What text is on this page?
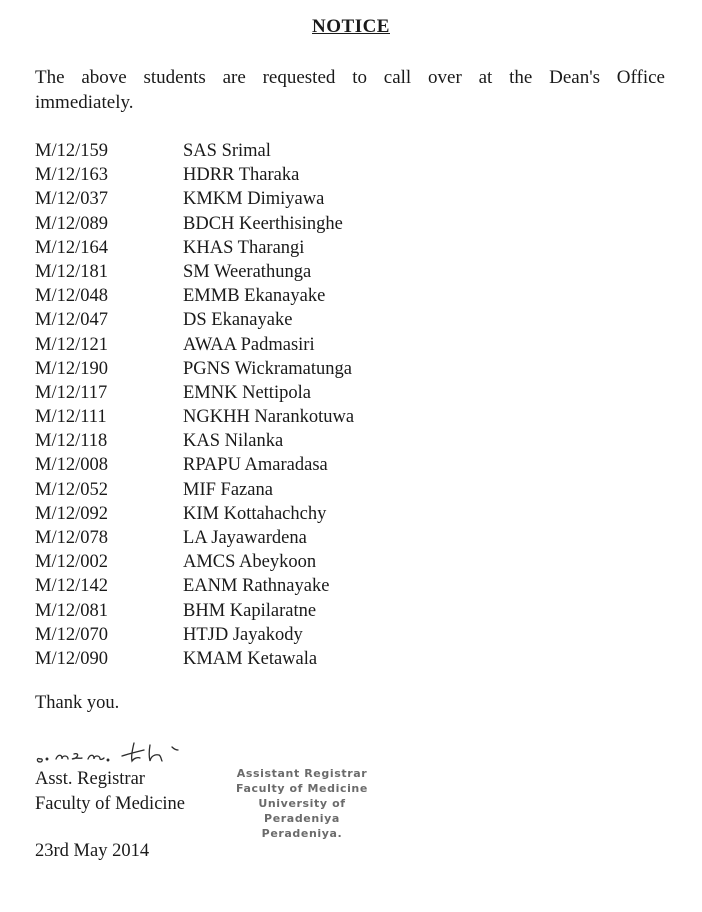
NOTICE
The above students are requested to call over at the Dean's Office immediately.
M/12/159	SAS Srimal
M/12/163	HDRR Tharaka
M/12/037	KMKM Dimiyawa
M/12/089	BDCH Keerthisinghe
M/12/164	KHAS Tharangi
M/12/181	SM Weerathunga
M/12/048	EMMB Ekanayake
M/12/047	DS Ekanayake
M/12/121	AWAA Padmasiri
M/12/190	PGNS Wickramatunga
M/12/117	EMNK Nettipola
M/12/111	NGKHH Narankotuwa
M/12/118	KAS Nilanka
M/12/008	RPAPU Amaradasa
M/12/052	MIF Fazana
M/12/092	KIM Kottahachchy
M/12/078	LA Jayawardena
M/12/002	AMCS Abeykoon
M/12/142	EANM Rathnayake
M/12/081	BHM Kapilaratne
M/12/070	HTJD Jayakody
M/12/090	KMAM Ketawala
Thank you.
Asst. Registrar
Faculty of Medicine
Assistant Registrar
Faculty of Medicine
University of Peradeniya
Peradeniya.
23rd May 2014
